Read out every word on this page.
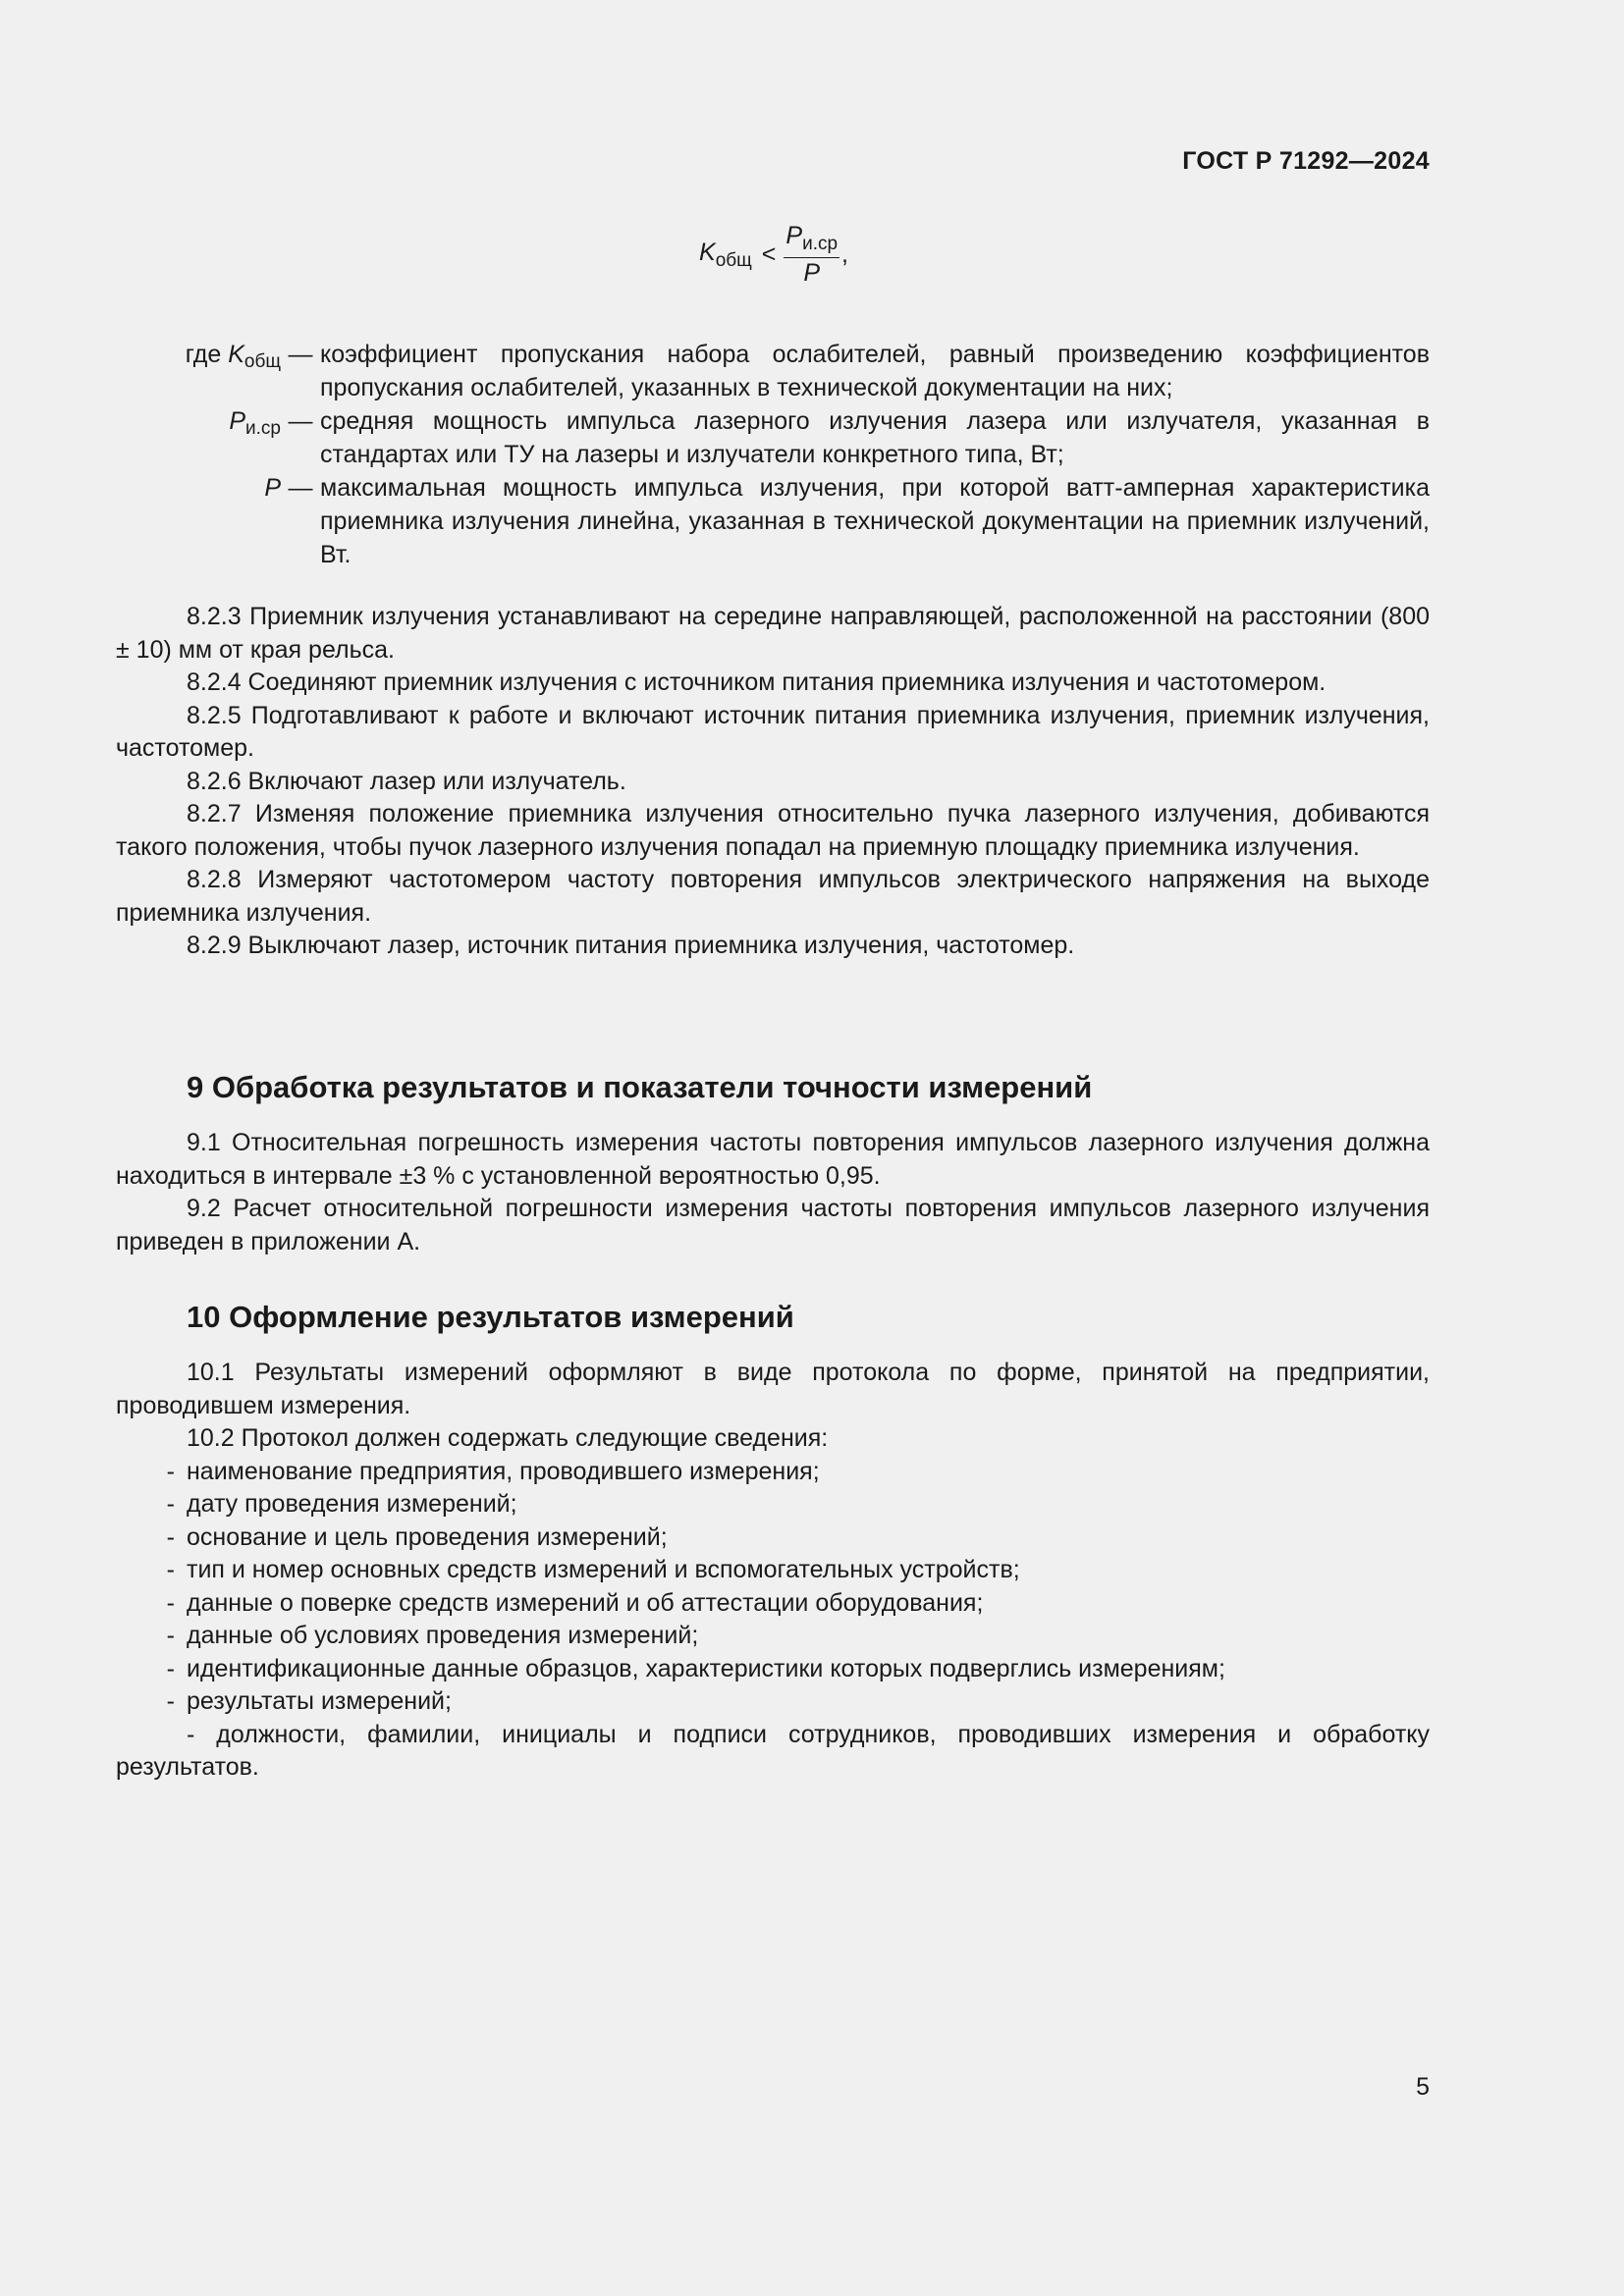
ГОСТ Р 71292—2024
$K_{общ} < \frac{P_{и.ср}}{P}$ ,
где $K_{общ}$ — коэффициент пропускания набора ослабителей, равный произведению коэффициентов пропускания ослабителей, указанных в технической документации на них;
$P_{и.ср}$ — средняя мощность импульса лазерного излучения лазера или излучателя, указанная в стандартах или ТУ на лазеры и излучатели конкретного типа, Вт;
P — максимальная мощность импульса излучения, при которой ватт-амперная характеристика приемника излучения линейна, указанная в технической документации на приемник излучений, Вт.

8.2.3 Приемник излучения устанавливают на середине направляющей, расположенной на расстоянии (800 ± 10) мм от края рельса.

8.2.4 Соединяют приемник излучения с источником питания приемника излучения и частотомером.

8.2.5 Подготавливают к работе и включают источник питания приемника излучения, приемник излучения, частотомер.

8.2.6 Включают лазер или излучатель.

8.2.7 Изменяя положение приемника излучения относительно пучка лазерного излучения, добиваются такого положения, чтобы пучок лазерного излучения попадал на приемную площадку приемника излучения.

8.2.8 Измеряют частотомером частоту повторения импульсов электрического напряжения на выходе приемника излучения.

8.2.9 Выключают лазер, источник питания приемника излучения, частотомер.

9 Обработка результатов и показатели точности измерений

9.1 Относительная погрешность измерения частоты повторения импульсов лазерного излучения должна находиться в интервале ±3 % с установленной вероятностью 0,95.

9.2 Расчет относительной погрешности измерения частоты повторения импульсов лазерного излучения приведен в приложении А.

10 Оформление результатов измерений

10.1 Результаты измерений оформляют в виде протокола по форме, принятой на предприятии, проводившем измерения.

10.2 Протокол должен содержать следующие сведения:

- наименование предприятия, проводившего измерения;
- дату проведения измерений;
- основание и цель проведения измерений;
- тип и номер основных средств измерений и вспомогательных устройств;
- данные о поверке средств измерений и об аттестации оборудования;
- данные об условиях проведения измерений;
- идентификационные данные образцов, характеристики которых подверглись измерениям;
- результаты измерений;

- должности, фамилии, инициалы и подписи сотрудников, проводивших измерения и обработку результатов.

5
